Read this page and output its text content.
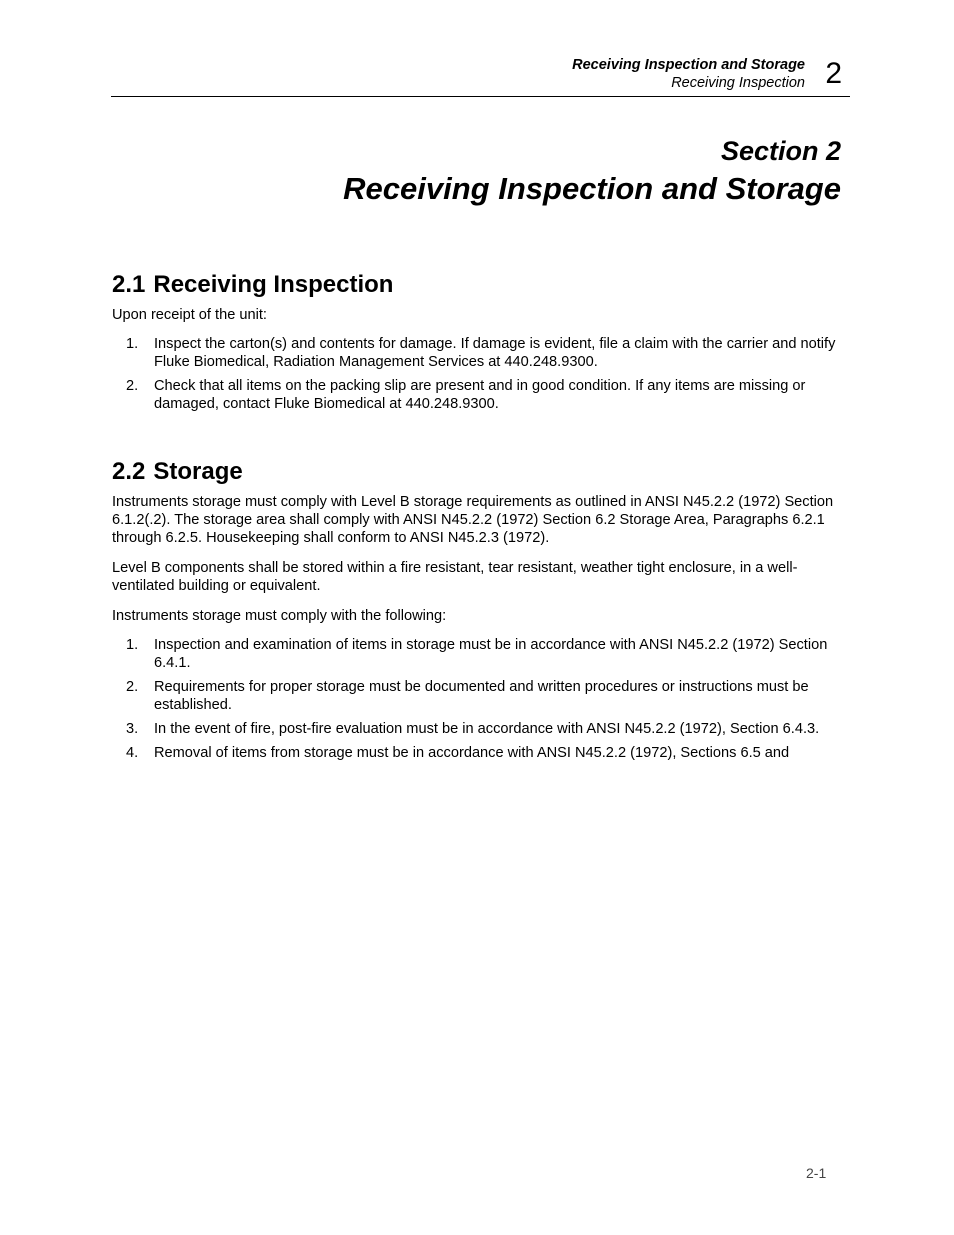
Receiving Inspection and Storage
Receiving Inspection 2
Section 2
Receiving Inspection and Storage
2.1 Receiving Inspection

Upon receipt of the unit:

1. Inspect the carton(s) and contents for damage. If damage is evident, file a claim with the carrier and notify Fluke Biomedical, Radiation Management Services at 440.248.9300.
2. Check that all items on the packing slip are present and in good condition. If any items are missing or damaged, contact Fluke Biomedical at 440.248.9300.
2.2 Storage

Instruments storage must comply with Level B storage requirements as outlined in ANSI N45.2.2 (1972) Section 6.1.2(.2). The storage area shall comply with ANSI N45.2.2 (1972) Section 6.2 Storage Area, Paragraphs 6.2.1 through 6.2.5. Housekeeping shall conform to ANSI N45.2.3 (1972).

Level B components shall be stored within a fire resistant, tear resistant, weather tight enclosure, in a well-ventilated building or equivalent.

Instruments storage must comply with the following:

1. Inspection and examination of items in storage must be in accordance with ANSI N45.2.2 (1972) Section 6.4.1.
2. Requirements for proper storage must be documented and written procedures or instructions must be established.
3. In the event of fire, post-fire evaluation must be in accordance with ANSI N45.2.2 (1972), Section 6.4.3.
4. Removal of items from storage must be in accordance with ANSI N45.2.2 (1972), Sections 6.5 and
2-1
